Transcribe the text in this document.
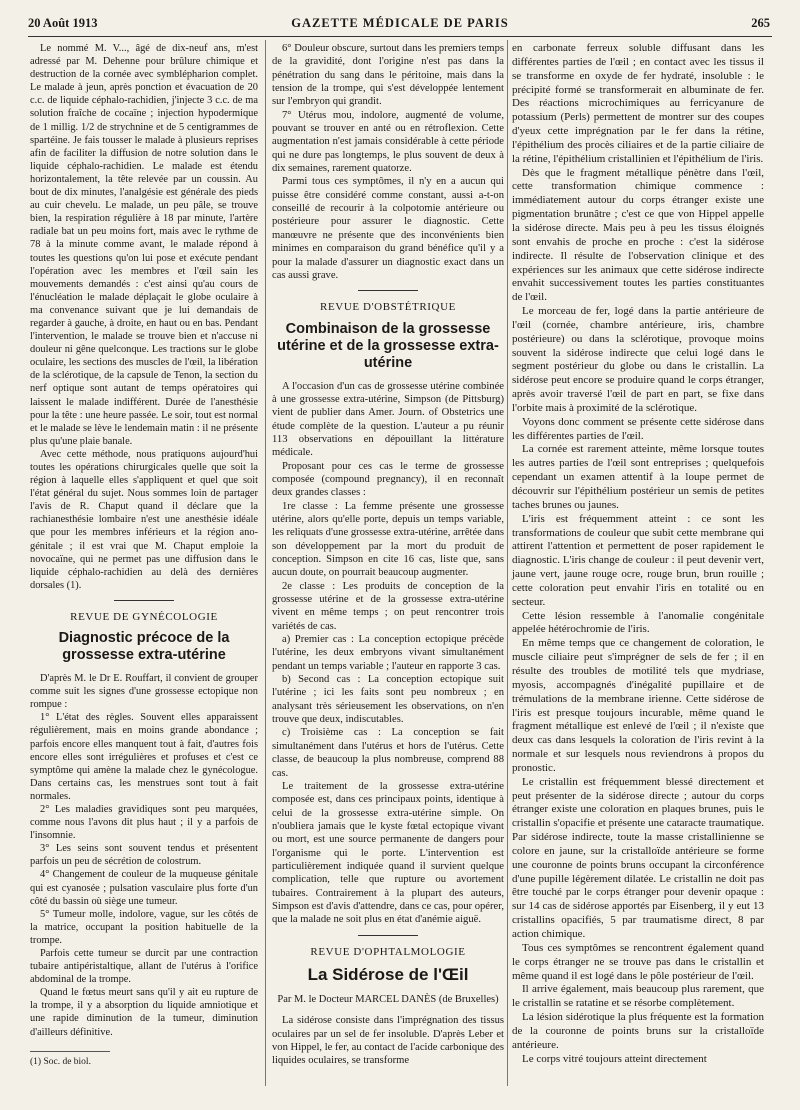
20 Août 1913	GAZETTE MÉDICALE DE PARIS	265

Le nommé M. V..., âgé de dix-neuf ans, m'est adressé par M. Dehenne pour brûlure chimique et destruction de la cornée avec symblépharion complet. Le malade à jeun, après ponction et évacuation de 20 c.c. de liquide céphalo-rachidien, j'injecte 3 c.c. de ma solution fraîche de cocaïne ; injection hypodermique de 1 millig. 1/2 de strychnine et de 5 centigrammes de spartéine. Je fais tousser le malade à plusieurs reprises afin de faciliter la diffusion de notre solution dans le liquide céphalo-rachidien. Le malade est étendu horizontalement, la tête relevée par un coussin. Au bout de dix minutes, l'analgésie est générale des pieds au cuir chevelu. Le malade, un peu pâle, se trouve bien, la respiration régulière à 18 par minute, l'artère radiale bat un peu moins fort, mais avec le rythme de 78 à la minute comme avant, le malade répond à toutes les questions qu'on lui pose et exécute pendant l'opération avec les membres et l'œil sain les mouvements demandés : c'est ainsi qu'au cours de l'énucléation le malade déplaçait le globe oculaire à ma convenance suivant que je lui demandais de regarder à gauche, à droite, en haut ou en bas. Pendant l'intervention, le malade se trouve bien et n'accuse ni douleur ni gêne quelconque. Les tractions sur le globe oculaire, les sections des muscles de l'œil, la libération de la sclérotique, de la capsule de Tenon, la section du nerf optique sont autant de temps opératoires qui laissent le malade indifférent. Durée de l'anesthésie pour la tête : une heure passée. Le soir, tout est normal et le malade se lève le lendemain matin : il ne présente plus qu'une plaie banale.

Avec cette méthode, nous pratiquons aujourd'hui toutes les opérations chirurgicales quelle que soit la région à laquelle elles s'appliquent et quel que soit l'état général du sujet. Nous sommes loin de partager l'avis de R. Chaput quand il déclare que la rachianesthésie lombaire n'est une anesthésie idéale que pour les membres inférieurs et la région ano-génitale ; il est vrai que M. Chaput emploie la novocaïne, qui ne permet pas une diffusion dans le liquide céphalo-rachidien au delà des dernières dorsales (1).

REVUE DE GYNÉCOLOGIE
Diagnostic précoce de la grossesse extra-utérine

D'après M. le Dr E. Rouffart, il convient de grouper comme suit les signes d'une grossesse ectopique non rompue :

1° L'état des règles. Souvent elles apparaissent régulièrement, mais en moins grande abondance ; parfois encore elles manquent tout à fait, d'autres fois encore elles sont irrégulières et profuses et c'est ce symptôme qui amène la malade chez le gynécologue. Dans certains cas, les menstrues sont tout à fait normales.

2° Les maladies gravidiques sont peu marquées, comme nous l'avons dit plus haut ; il y a parfois de l'insomnie.

3° Les seins sont souvent tendus et présentent parfois un peu de sécrétion de colostrum.

4° Changement de couleur de la muqueuse génitale qui est cyanosée ; pulsation vasculaire plus forte d'un côté du bassin où siège une tumeur.

5° Tumeur molle, indolore, vague, sur les côtés de la matrice, occupant la position habituelle de la trompe.

Parfois cette tumeur se durcit par une contraction tubaire antipéristaltique, allant de l'utérus à l'orifice abdominal de la trompe.

Quand le fœtus meurt sans qu'il y ait eu rupture de la trompe, il y a absorption du liquide amniotique et une rapide diminution de la tumeur, diminution d'ailleurs définitive.

(1) Soc. de biol.

6° Douleur obscure, surtout dans les premiers temps de la gravidité, dont l'origine n'est pas dans la pénétration du sang dans le péritoine, mais dans la tension de la trompe, qui s'est développée lentement sur l'embryon qui grandit.

7° Utérus mou, indolore, augmenté de volume, pouvant se trouver en anté ou en rétroflexion. Cette augmentation n'est jamais considérable à cette période qui ne dure pas longtemps, le plus souvent de deux à dix semaines, rarement quatorze.

Parmi tous ces symptômes, il n'y en a aucun qui puisse être considéré comme constant, aussi a-t-on conseillé de recourir à la colpotomie antérieure ou postérieure pour assurer le diagnostic. Cette manœuvre ne présente que des inconvénients bien minimes en comparaison du grand bénéfice qu'il y a pour la malade d'assurer un diagnostic exact dans un cas aussi grave.

REVUE D'OBSTÉTRIQUE
Combinaison de la grossesse utérine et de la grossesse extra-utérine

A l'occasion d'un cas de grossesse utérine combinée à une grossesse extra-utérine, Simpson (de Pittsburg) vient de publier dans Amer. Journ. of Obstetrics une étude complète de la question. L'auteur a pu réunir 113 observations en dépouillant la littérature médicale.

Proposant pour ces cas le terme de grossesse composée (compound pregnancy), il en reconnaît deux grandes classes :

1re classe : La femme présente une grossesse utérine, alors qu'elle porte, depuis un temps variable, les reliquats d'une grossesse extra-utérine, arrêtée dans son développement par la mort du produit de conception. Simpson en cite 16 cas, liste que, sans aucun doute, on pourrait beaucoup augmenter.

2e classe : Les produits de conception de la grossesse utérine et de la grossesse extra-utérine vivent en même temps ; on peut rencontrer trois variétés de cas.

a) Premier cas : La conception ectopique précède l'utérine, les deux embryons vivant simultanément pendant un temps variable ; l'auteur en rapporte 3 cas.

b) Second cas : La conception ectopique suit l'utérine ; ici les faits sont peu nombreux ; en analysant très sérieusement les observations, on n'en trouve que deux, indiscutables.

c) Troisième cas : La conception se fait simultanément dans l'utérus et hors de l'utérus. Cette classe, de beaucoup la plus nombreuse, comprend 88 cas.

Le traitement de la grossesse extra-utérine composée est, dans ces principaux points, identique à celui de la grossesse extra-utérine simple. On n'oubliera jamais que le kyste fœtal ectopique vivant ou mort, est une source permanente de dangers pour l'organisme qui le porte. L'intervention est particulièrement indiquée quand il survient quelque complication, telle que rupture ou avortement tubaires. Contrairement à la plupart des auteurs, Simpson est d'avis d'attendre, dans ce cas, pour opérer, que la malade ne soit plus en état d'anémie aiguë.

REVUE D'OPHTALMOLOGIE
La Sidérose de l'Œil
Par M. le Docteur MARCEL DANÈS (de Bruxelles)

La sidérose consiste dans l'imprégnation des tissus oculaires par un sel de fer insoluble. D'après Leber et von Hippel, le fer, au contact de l'acide carbonique des liquides oculaires, se transforme

en carbonate ferreux soluble diffusant dans les différentes parties de l'œil ; en contact avec les tissus il se transforme en oxyde de fer hydraté, insoluble : le précipité formé se transformerait en albuminate de fer. Des réactions microchimiques au ferricyanure de potassium (Perls) permettent de montrer sur des coupes d'yeux cette imprégnation par le fer dans la rétine, l'épithélium des procès ciliaires et de la partie ciliaire de la rétine, l'épithélium cristallinien et l'épithélium de l'iris.

Dès que le fragment métallique pénètre dans l'œil, cette transformation chimique commence : immédiatement autour du corps étranger existe une pigmentation brunâtre ; c'est ce que von Hippel appelle la sidérose directe. Mais peu à peu les tissus éloignés sont envahis de proche en proche : c'est la sidérose indirecte. Il résulte de l'observation clinique et des expériences sur les animaux que cette sidérose indirecte envahit successivement toutes les parties constituantes de l'œil.

Le morceau de fer, logé dans la partie antérieure de l'œil (cornée, chambre antérieure, iris, chambre postérieure) ou dans la sclérotique, provoque moins souvent la sidérose indirecte que celui logé dans le segment postérieur du globe ou dans le cristallin. La sidérose peut encore se produire quand le corps étranger, après avoir traversé l'œil de part en part, se fixe dans l'orbite mais à proximité de la sclérotique.

Voyons donc comment se présente cette sidérose dans les différentes parties de l'œil.

La cornée est rarement atteinte, même lorsque toutes les autres parties de l'œil sont entreprises ; quelquefois cependant un examen attentif à la loupe permet de découvrir sur l'épithélium postérieur un semis de petites taches brunes ou jaunes.

L'iris est fréquemment atteint : ce sont les transformations de couleur que subit cette membrane qui attirent l'attention et permettent de poser rapidement le diagnostic. L'iris change de couleur : il peut devenir vert, jaune vert, jaune rouge ocre, rouge brun, brun rouille ; cette coloration peut envahir l'iris en totalité ou en secteur.

Cette lésion ressemble à l'anomalie congénitale appelée hétérochromie de l'iris.

En même temps que ce changement de coloration, le muscle ciliaire peut s'imprégner de sels de fer ; il en résulte des troubles de motilité tels que mydriase, myosis, accompagnés d'inégalité pupillaire et de trémulations de la membrane irienne. Cette sidérose de l'iris est presque toujours incurable, même quand le fragment métallique est enlevé de l'œil ; il n'existe que deux cas dans lesquels la coloration de l'iris revint à la normale et sur lesquels nous reviendrons à propos du pronostic.

Le cristallin est fréquemment blessé directement et peut présenter de la sidérose directe ; autour du corps étranger existe une coloration en plaques brunes, puis le cristallin s'opacifie et présente une cataracte traumatique. Par sidérose indirecte, toute la masse cristallinienne se colore en jaune, sur la cristalloïde antérieure se forme une couronne de points bruns occupant la circonférence d'une pupille légèrement dilatée. Le cristallin ne doit pas être touché par le corps étranger pour devenir opaque : sur 14 cas de sidérose apportés par Eisenberg, il y eut 13 cristallins opacifiés, 5 par traumatisme direct, 8 par action chimique.

Tous ces symptômes se rencontrent également quand le corps étranger ne se trouve pas dans le cristallin et même quand il est logé dans le pôle postérieur de l'œil.

Il arrive également, mais beaucoup plus rarement, que le cristallin se ratatine et se résorbe complètement.

La lésion sidérotique la plus fréquente est la formation de la couronne de points bruns sur la cristalloïde antérieure.

Le corps vitré toujours atteint directement
